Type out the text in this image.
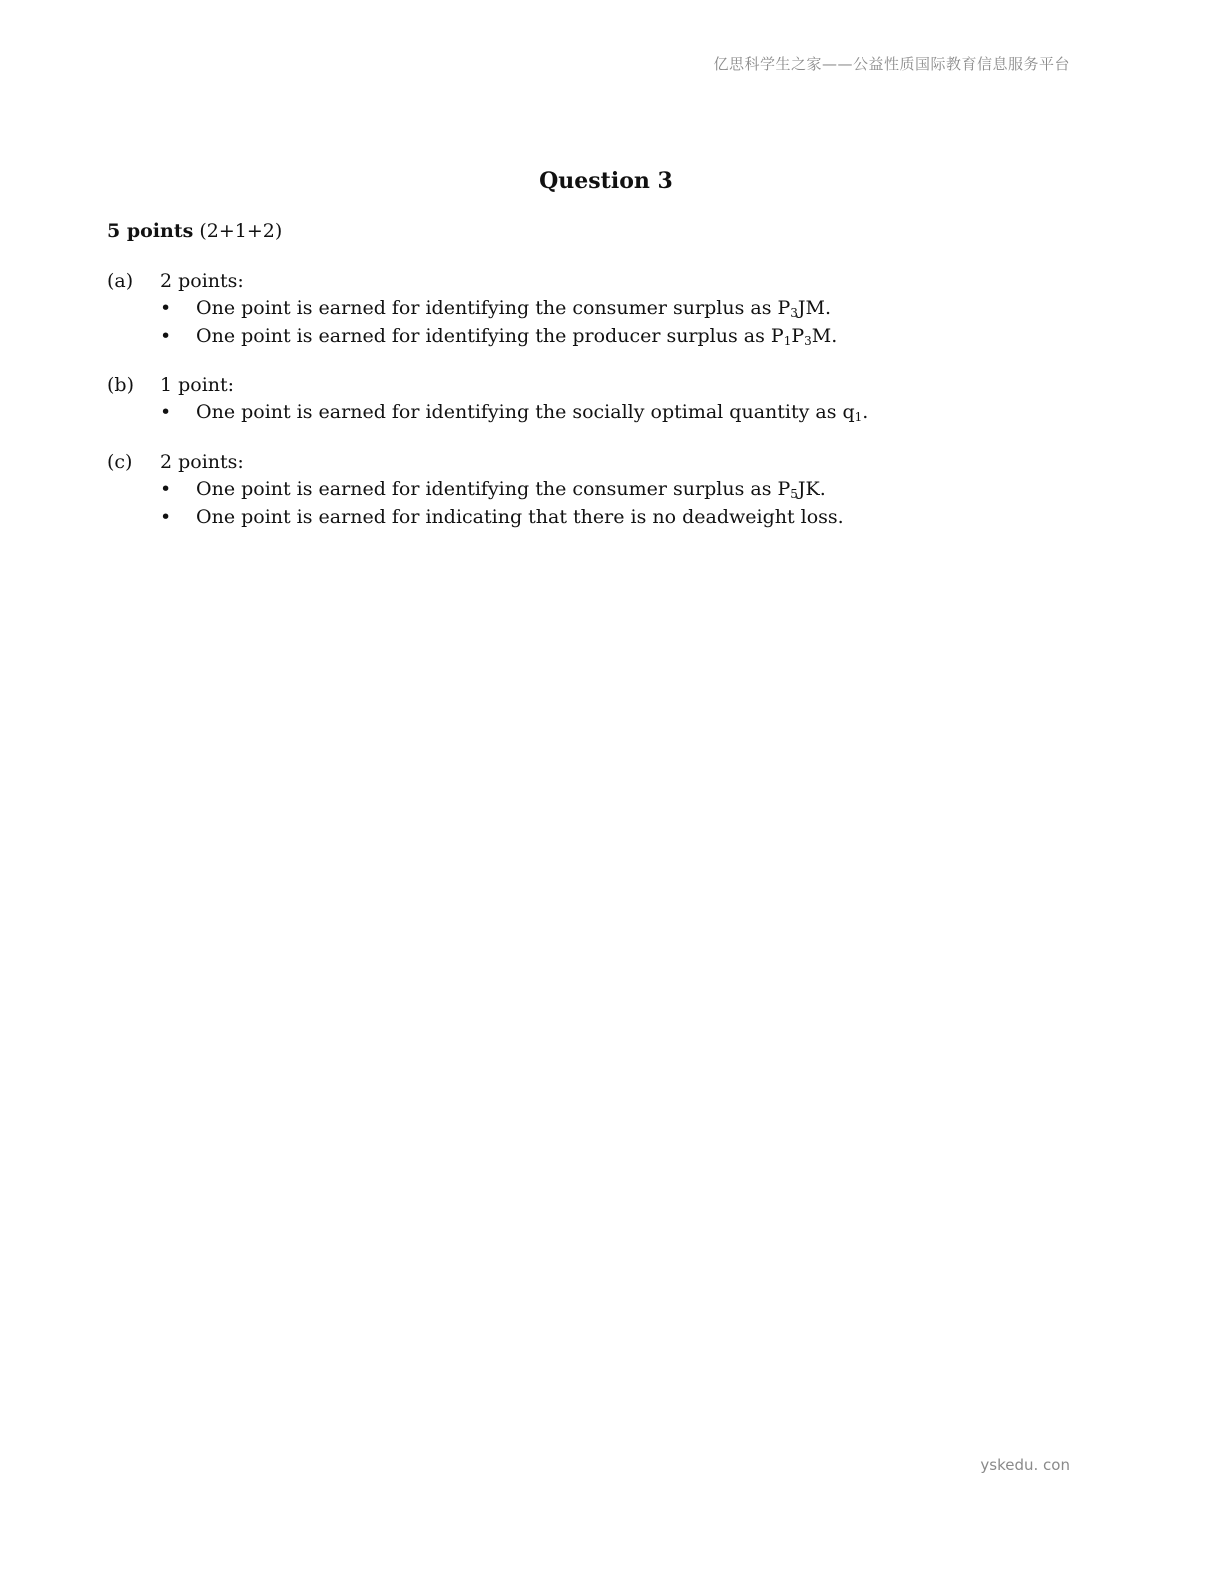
亿思科学生之家——公益性质国际教育信息服务平台
Question 3
5 points (2+1+2)
(a) 2 points:
• One point is earned for identifying the consumer surplus as $P_3JM$.
• One point is earned for identifying the producer surplus as $P_1P_3M$.
(b) 1 point:
• One point is earned for identifying the socially optimal quantity as $q_1$.
(c) 2 points:
• One point is earned for identifying the consumer surplus as $P_5JK$.
• One point is earned for indicating that there is no deadweight loss.
yskedu. con
